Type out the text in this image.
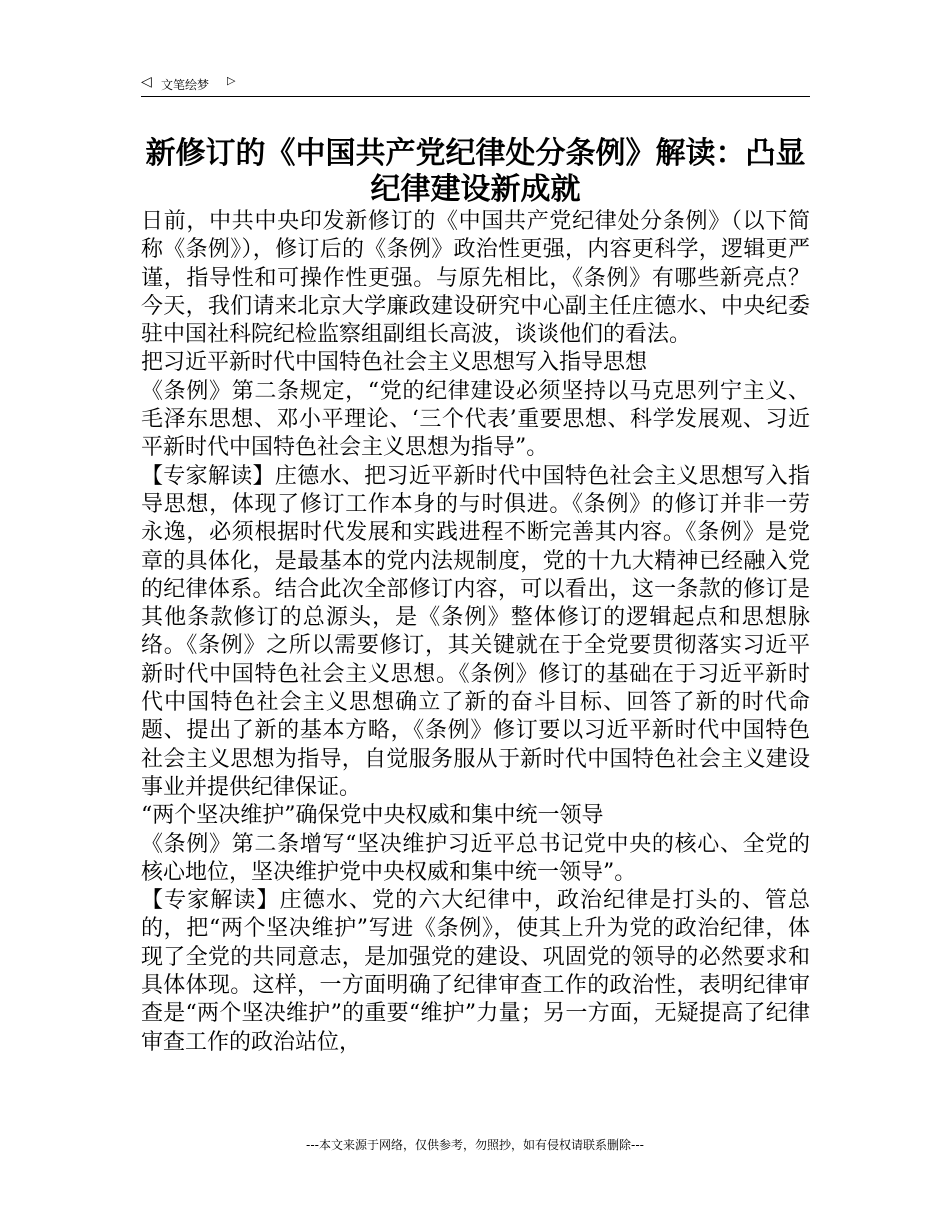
◁ 文笔绘梦 ▷
新修订的《中国共产党纪律处分条例》解读：凸显纪律建设新成就

日前，中共中央印发新修订的《中国共产党纪律处分条例》（以下简称《条例》），修订后的《条例》政治性更强，内容更科学，逻辑更严谨，指导性和可操作性更强。与原先相比，《条例》有哪些新亮点？今天，我们请来北京大学廉政建设研究中心副主任庄德水、中央纪委驻中国社科院纪检监察组副组长高波，谈谈他们的看法。

把习近平新时代中国特色社会主义思想写入指导思想

《条例》第二条规定，“党的纪律建设必须坚持以马克思列宁主义、毛泽东思想、邓小平理论、‘三个代表’重要思想、科学发展观、习近平新时代中国特色社会主义思想为指导”。

【专家解读】庄德水、把习近平新时代中国特色社会主义思想写入指导思想，体现了修订工作本身的与时俱进。《条例》的修订并非一劳永逸，必须根据时代发展和实践进程不断完善其内容。《条例》是党章的具体化，是最基本的党内法规制度，党的十九大精神已经融入党的纪律体系。结合此次全部修订内容，可以看出，这一条款的修订是其他条款修订的总源头，是《条例》整体修订的逻辑起点和思想脉络。《条例》之所以需要修订，其关键就在于全党要贯彻落实习近平新时代中国特色社会主义思想。《条例》修订的基础在于习近平新时代中国特色社会主义思想确立了新的奋斗目标、回答了新的时代命题、提出了新的基本方略，《条例》修订要以习近平新时代中国特色社会主义思想为指导，自觉服务服从于新时代中国特色社会主义建设事业并提供纪律保证。

“两个坚决维护”确保党中央权威和集中统一领导

《条例》第二条增写“坚决维护习近平总书记党中央的核心、全党的核心地位，坚决维护党中央权威和集中统一领导”。

【专家解读】庄德水、党的六大纪律中，政治纪律是打头的、管总的，把“两个坚决维护”写进《条例》，使其上升为党的政治纪律，体现了全党的共同意志，是加强党的建设、巩固党的领导的必然要求和具体体现。这样，一方面明确了纪律审查工作的政治性，表明纪律审查是“两个坚决维护”的重要“维护”力量；另一方面，无疑提高了纪律审查工作的政治站位，

---本文来源于网络，仅供参考，勿照抄，如有侵权请联系删除---
